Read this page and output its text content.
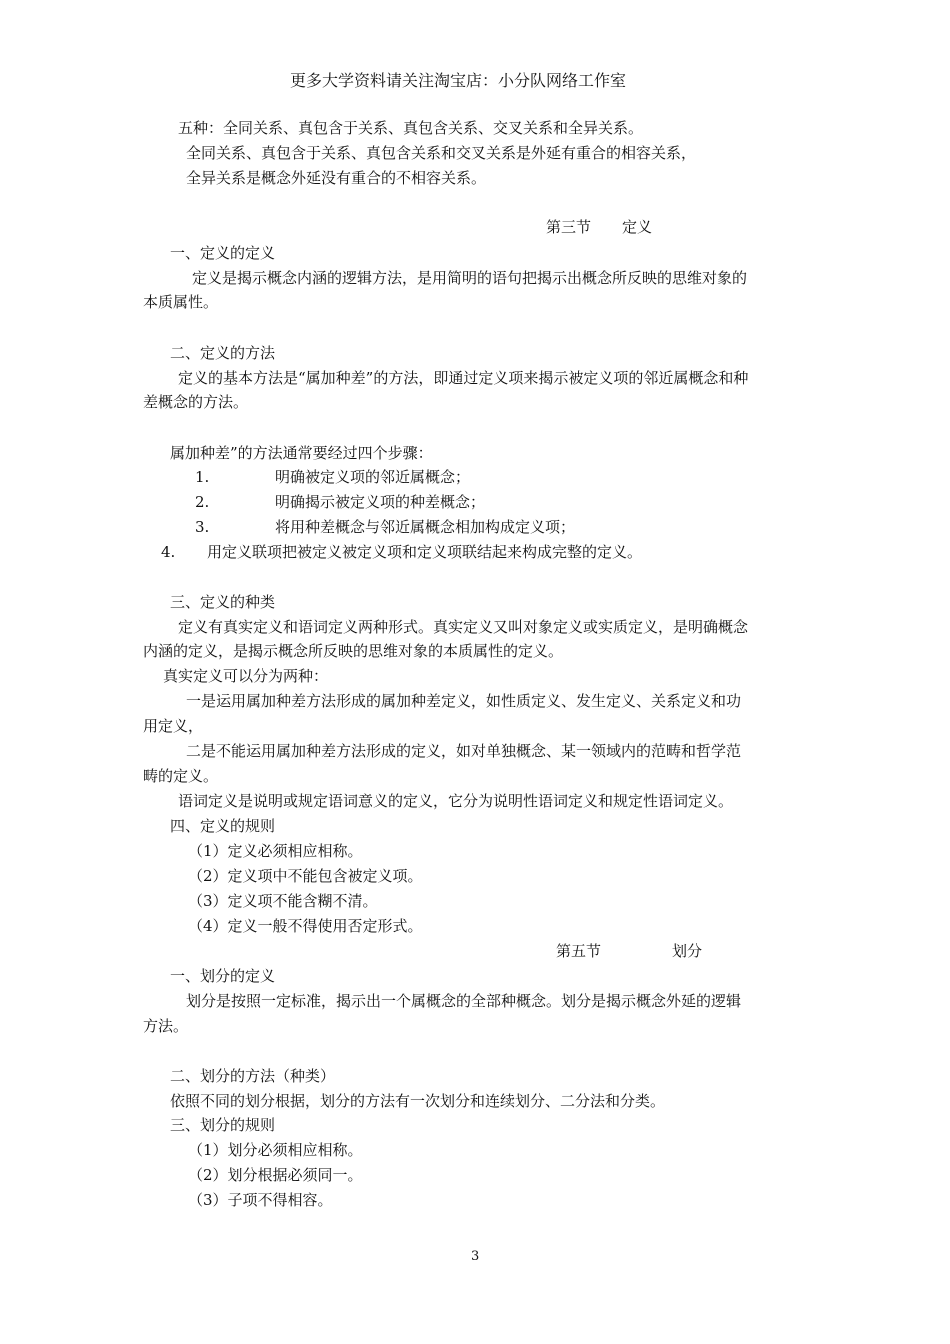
更多大学资料请关注淘宝店：小分队网络工作室
五种：全同关系、真包含于关系、真包含关系、交叉关系和全异关系。
全同关系、真包含于关系、真包含关系和交叉关系是外延有重合的相容关系，
全异关系是概念外延没有重合的不相容关系。
第三节 定义
一、定义的定义
定义是揭示概念内涵的逻辑方法，是用简明的语句把揭示出概念所反映的思维对象的
本质属性。
二、定义的方法
定义的基本方法是“属加种差”的方法，即通过定义项来揭示被定义项的邻近属概念和种
差概念的方法。
属加种差”的方法通常要经过四个步骤：
1.	明确被定义项的邻近属概念；
2.	明确揭示被定义项的种差概念；
3.	将用种差概念与邻近属概念相加构成定义项；
4. 用定义联项把被定义被定义项和定义项联结起来构成完整的定义。
三、定义的种类
定义有真实定义和语词定义两种形式。真实定义又叫对象定义或实质定义，是明确概念
内涵的定义，是揭示概念所反映的思维对象的本质属性的定义。
真实定义可以分为两种：
一是运用属加种差方法形成的属加种差定义，如性质定义、发生定义、关系定义和功
用定义，
二是不能运用属加种差方法形成的定义，如对单独概念、某一领域内的范畴和哲学范
畴的定义。
语词定义是说明或规定语词意义的定义，它分为说明性语词定义和规定性语词定义。
四、定义的规则
（1）定义必须相应相称。
（2）定义项中不能包含被定义项。
（3）定义项不能含糊不清。
（4）定义一般不得使用否定形式。
第五节	划分
一、划分的定义
划分是按照一定标准，揭示出一个属概念的全部种概念。划分是揭示概念外延的逻辑
方法。
二、划分的方法（种类）
依照不同的划分根据，划分的方法有一次划分和连续划分、二分法和分类。
三、划分的规则
（1）划分必须相应相称。
（2）划分根据必须同一。
（3）子项不得相容。
3
